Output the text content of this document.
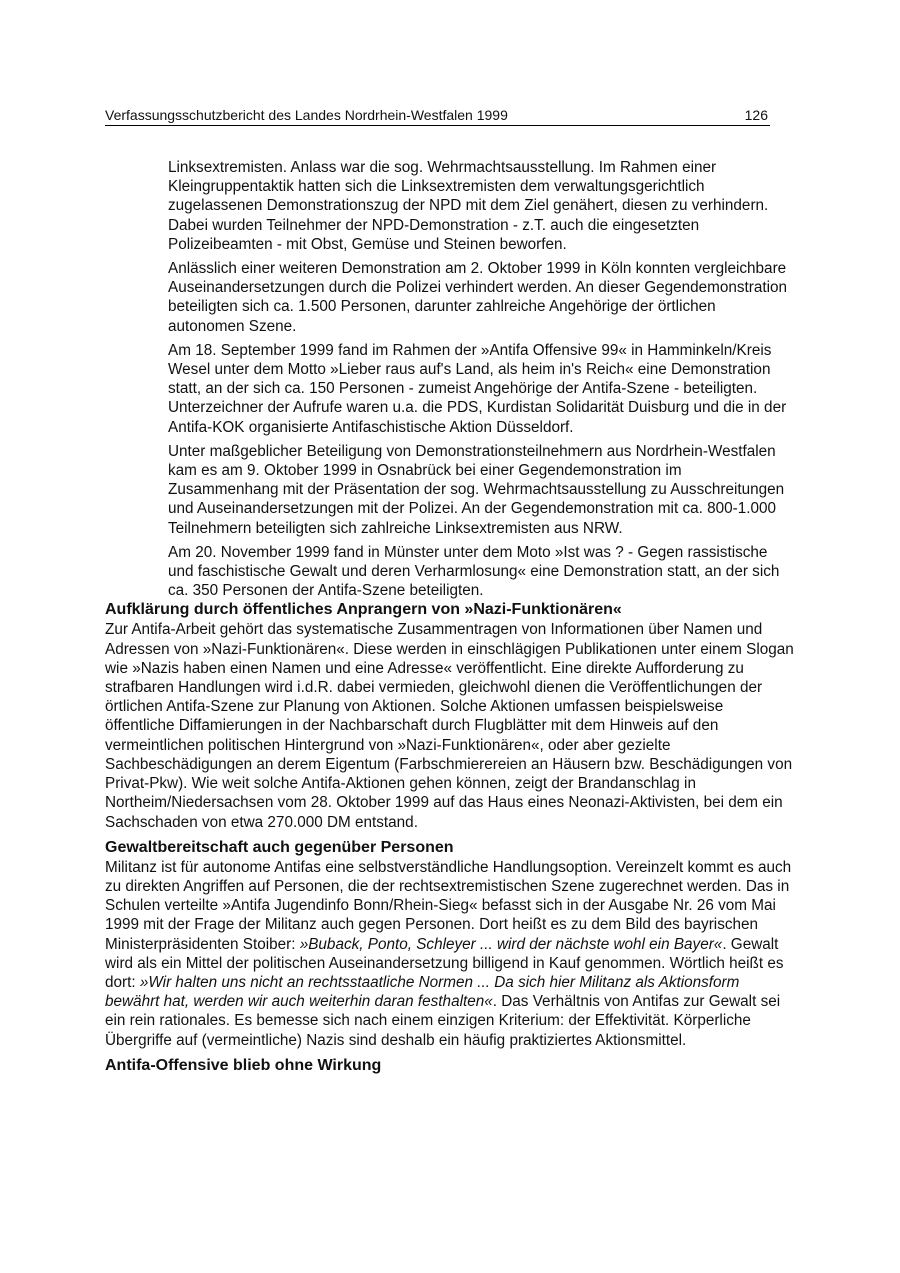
Verfassungsschutzbericht des Landes Nordrhein-Westfalen 1999	126

Linksextremisten. Anlass war die sog. Wehrmachtsausstellung. Im Rahmen einer Kleingruppentaktik hatten sich die Linksextremisten dem verwaltungsgerichtlich zugelassenen Demonstrationszug der NPD mit dem Ziel genähert, diesen zu verhindern. Dabei wurden Teilnehmer der NPD-Demonstration - z.T. auch die eingesetzten Polizeibeamten - mit Obst, Gemüse und Steinen beworfen.

Anlässlich einer weiteren Demonstration am 2. Oktober 1999 in Köln konnten vergleichbare Auseinandersetzungen durch die Polizei verhindert werden. An dieser Gegendemonstration beteiligten sich ca. 1.500 Personen, darunter zahlreiche Angehörige der örtlichen autonomen Szene.

Am 18. September 1999 fand im Rahmen der »Antifa Offensive 99« in Hamminkeln/Kreis Wesel unter dem Motto »Lieber raus auf's Land, als heim in's Reich« eine Demonstration statt, an der sich ca. 150 Personen - zumeist Angehörige der Antifa-Szene - beteiligten. Unterzeichner der Aufrufe waren u.a. die PDS, Kurdistan Solidarität Duisburg und die in der Antifa-KOK organisierte Antifaschistische Aktion Düsseldorf.

Unter maßgeblicher Beteiligung von Demonstrationsteilnehmern aus Nordrhein-Westfalen kam es am 9. Oktober 1999 in Osnabrück bei einer Gegendemonstration im Zusammenhang mit der Präsentation der sog. Wehrmachtsausstellung zu Ausschreitungen und Auseinandersetzungen mit der Polizei. An der Gegendemonstration mit ca. 800-1.000 Teilnehmern beteiligten sich zahlreiche Linksextremisten aus NRW.

Am 20. November 1999 fand in Münster unter dem Moto »Ist was ? - Gegen rassistische und faschistische Gewalt und deren Verharmlosung« eine Demonstration statt, an der sich ca. 350 Personen der Antifa-Szene beteiligten.

Aufklärung durch öffentliches Anprangern von »Nazi-Funktionären«

Zur Antifa-Arbeit gehört das systematische Zusammentragen von Informationen über Namen und Adressen von »Nazi-Funktionären«. Diese werden in einschlägigen Publikationen unter einem Slogan wie »Nazis haben einen Namen und eine Adresse« veröffentlicht. Eine direkte Aufforderung zu strafbaren Handlungen wird i.d.R. dabei vermieden, gleichwohl dienen die Veröffentlichungen der örtlichen Antifa-Szene zur Planung von Aktionen. Solche Aktionen umfassen beispielsweise öffentliche Diffamierungen in der Nachbarschaft durch Flugblätter mit dem Hinweis auf den vermeintlichen politischen Hintergrund von »Nazi-Funktionären«, oder aber gezielte Sachbeschädigungen an derem Eigentum (Farbschmierereien an Häusern bzw. Beschädigungen von Privat-Pkw). Wie weit solche Antifa-Aktionen gehen können, zeigt der Brandanschlag in Northeim/Niedersachsen vom 28. Oktober 1999 auf das Haus eines Neonazi-Aktivisten, bei dem ein Sachschaden von etwa 270.000 DM entstand.

Gewaltbereitschaft auch gegenüber Personen

Militanz ist für autonome Antifas eine selbstverständliche Handlungsoption. Vereinzelt kommt es auch zu direkten Angriffen auf Personen, die der rechtsextremistischen Szene zugerechnet werden. Das in Schulen verteilte »Antifa Jugendinfo Bonn/Rhein-Sieg« befasst sich in der Ausgabe Nr. 26 vom Mai 1999 mit der Frage der Militanz auch gegen Personen. Dort heißt es zu dem Bild des bayrischen Ministerpräsidenten Stoiber: »Buback, Ponto, Schleyer ... wird der nächste wohl ein Bayer«. Gewalt wird als ein Mittel der politischen Auseinandersetzung billigend in Kauf genommen. Wörtlich heißt es dort: »Wir halten uns nicht an rechtsstaatliche Normen ... Da sich hier Militanz als Aktionsform bewährt hat, werden wir auch weiterhin daran festhalten«. Das Verhältnis von Antifas zur Gewalt sei ein rein rationales. Es bemesse sich nach einem einzigen Kriterium: der Effektivität. Körperliche Übergriffe auf (vermeintliche) Nazis sind deshalb ein häufig praktiziertes Aktionsmittel.

Antifa-Offensive blieb ohne Wirkung
